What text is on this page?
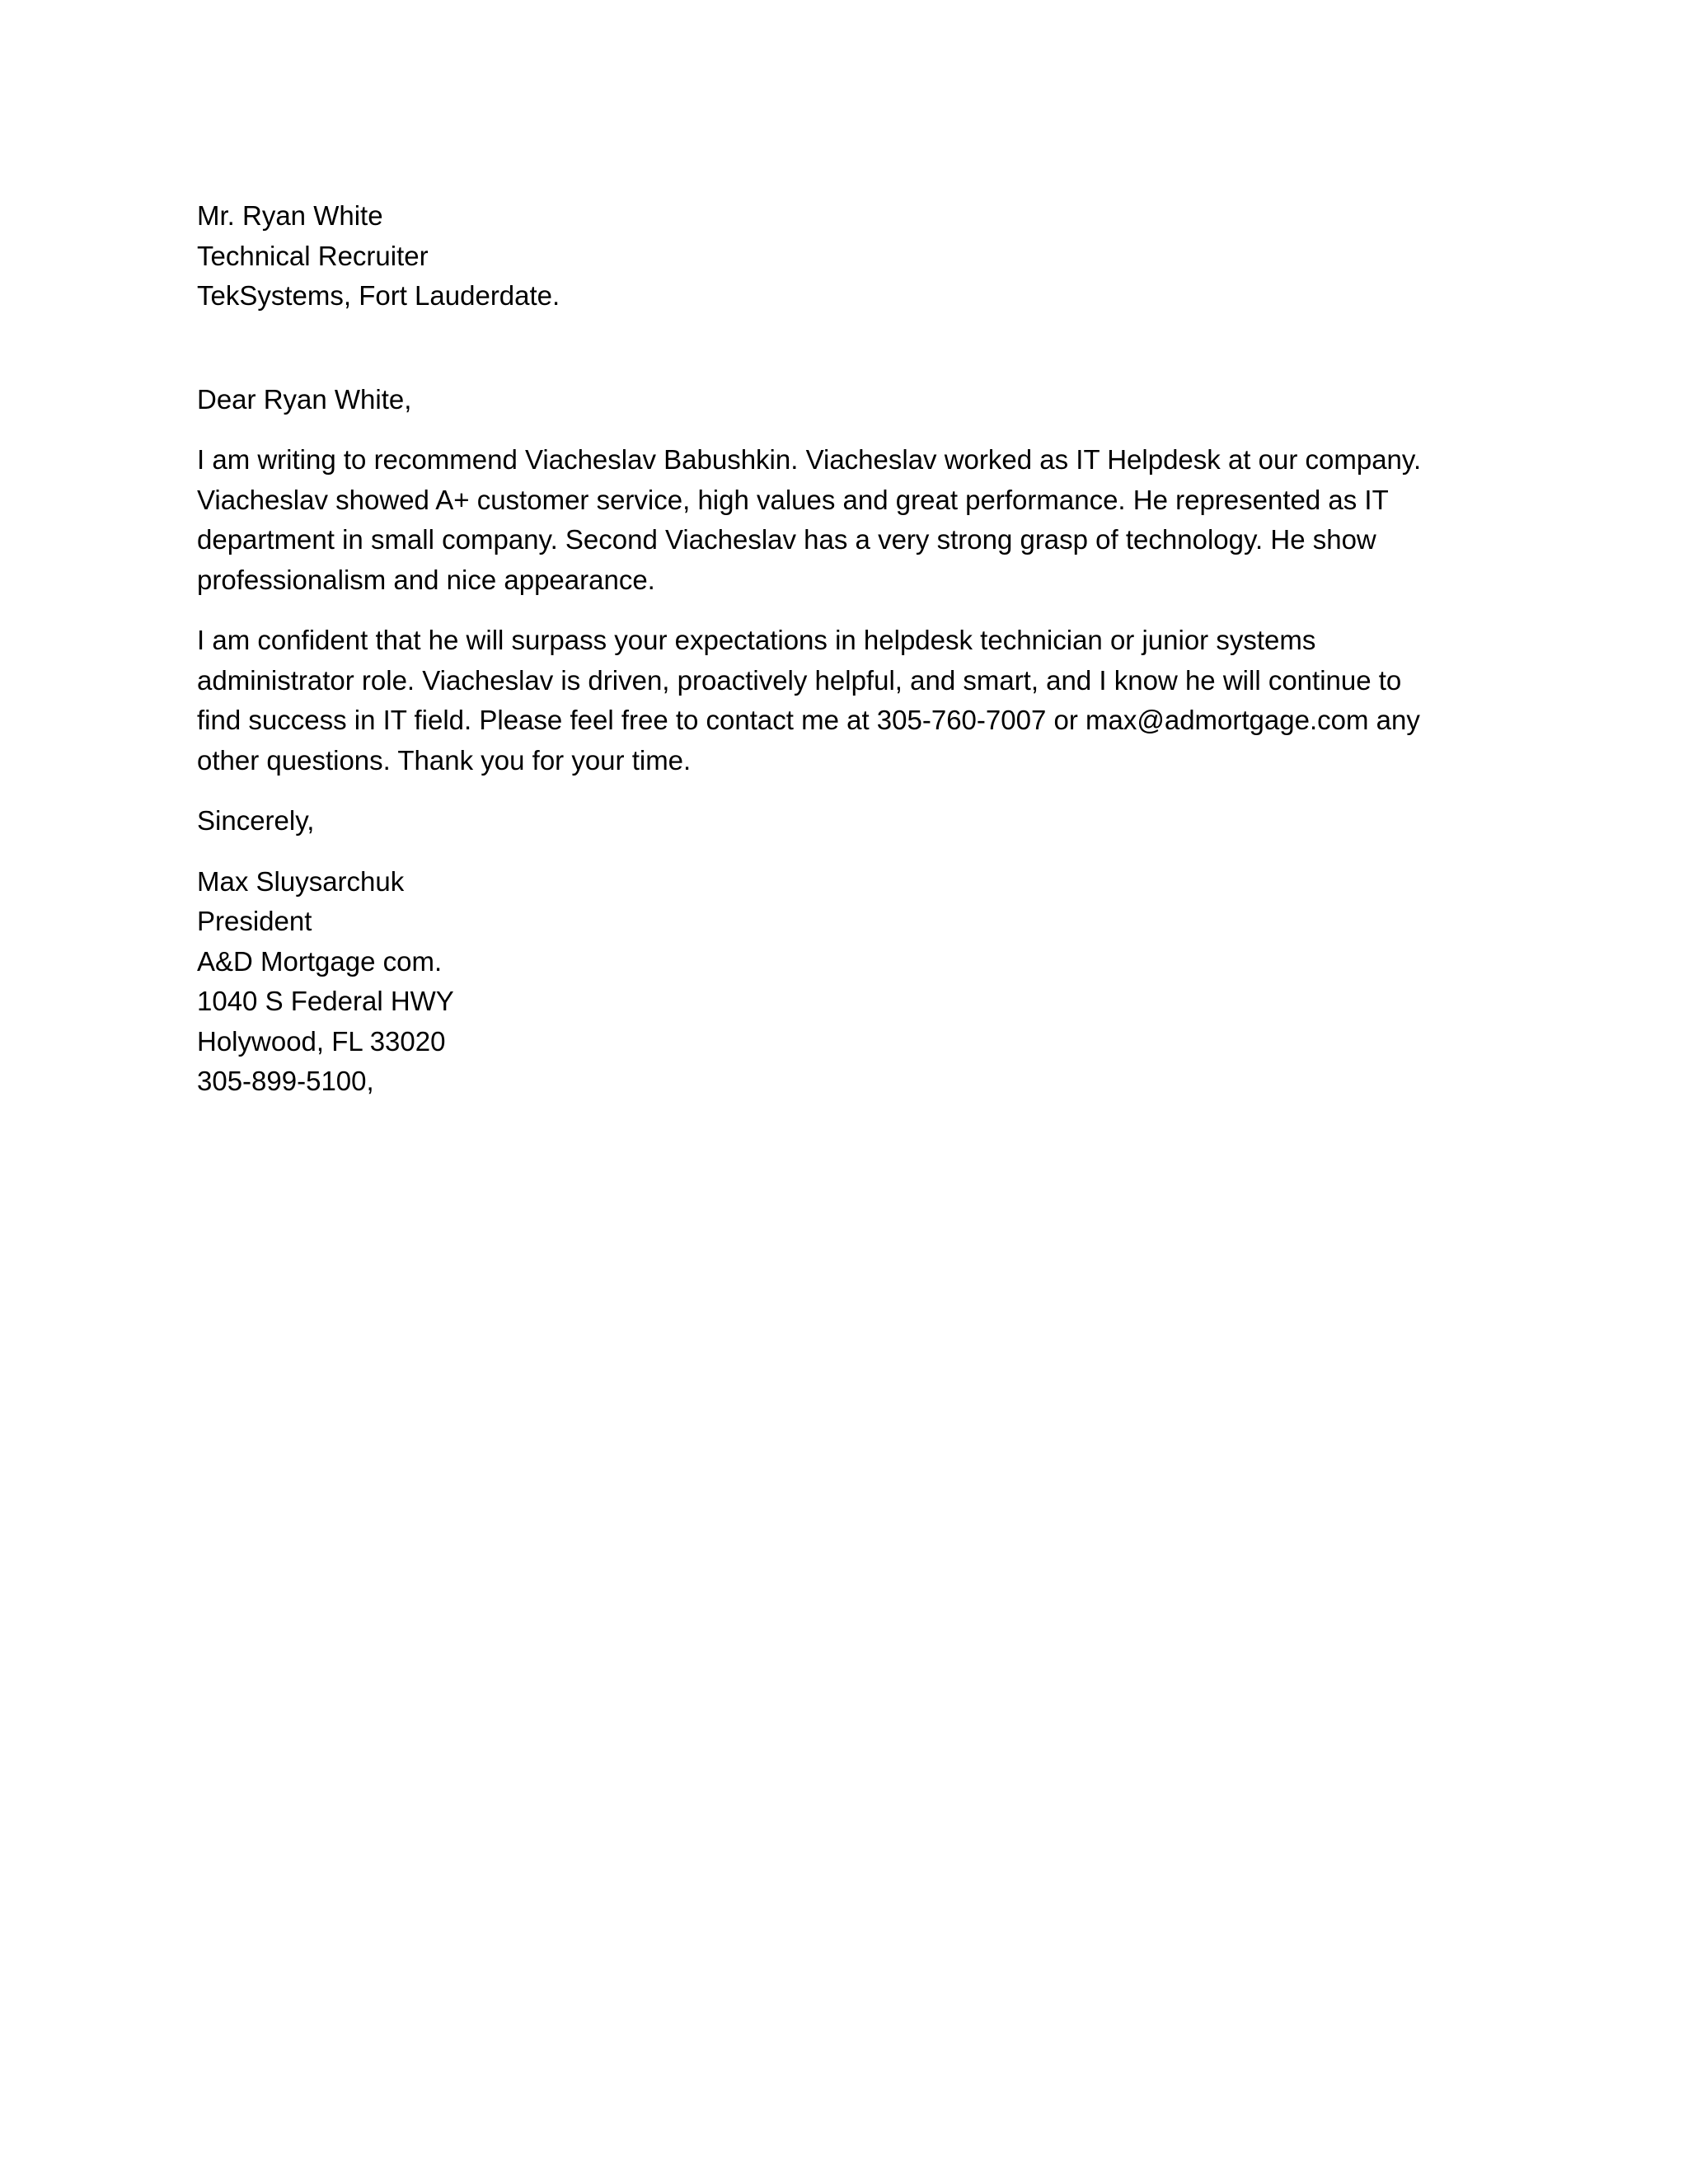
Mr. Ryan White
Technical Recruiter
TekSystems, Fort Lauderdate.
Dear Ryan White,
I am writing to recommend Viacheslav Babushkin. Viacheslav worked as IT Helpdesk at our company.
Viacheslav showed A+ customer service, high values and great performance. He represented as IT
department in small company. Second Viacheslav has a very strong grasp of technology. He show
professionalism and nice appearance.
I am confident that he will surpass your expectations in helpdesk technician or junior systems
administrator role. Viacheslav is driven, proactively helpful, and smart, and I know he will continue to
find success in IT field. Please feel free to contact me at 305-760-7007 or max@admortgage.com any
other questions. Thank you for your time.
Sincerely,
Max Sluysarchuk
President
A&D Mortgage com.
1040 S Federal HWY
Holywood, FL 33020
305-899-5100,
